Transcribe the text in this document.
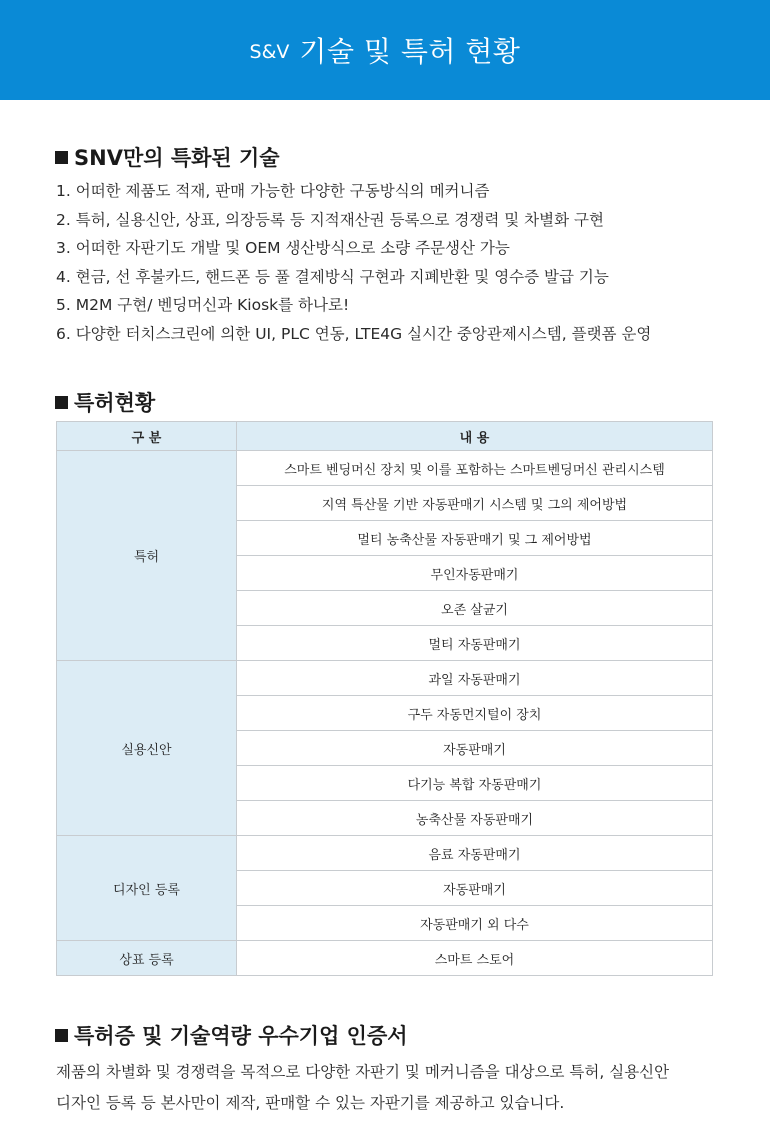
S&V 기술 및 특허 현황
SNV만의 특화된 기술
1. 어떠한 제품도 적재, 판매 가능한 다양한 구동방식의 메커니즘
2. 특허, 실용신안, 상표, 의장등록 등 지적재산권 등록으로 경쟁력 및 차별화 구현
3. 어떠한 자판기도 개발 및 OEM 생산방식으로 소량 주문생산 가능
4. 현금, 선 후불카드, 핸드폰 등 풀 결제방식 구현과 지폐반환 및 영수증 발급 기능
5. M2M 구현/ 벤딩머신과 Kiosk를 하나로!
6. 다양한 터치스크린에 의한 UI, PLC 연동, LTE4G 실시간 중앙관제시스템, 플랫폼 운영
특허현황
구 분	내 용
특허	스마트 벤딩머신 장치 및 이를 포함하는 스마트벤딩머신 관리시스템
	지역 특산물 기반 자동판매기 시스템 및 그의 제어방법
	멀티 농축산물 자동판매기 및 그 제어방법
	무인자동판매기
	오존 살균기
	멀티 자동판매기
실용신안	과일 자동판매기
	구두 자동먼지털이 장치
	자동판매기
	다기능 복합 자동판매기
	농축산물 자동판매기
디자인 등록	음료 자동판매기
	자동판매기
	자동판매기 외 다수
상표 등록	스마트 스토어
특허증 및 기술역량 우수기업 인증서

제품의 차별화 및 경쟁력을 목적으로 다양한 자판기 및 메커니즘을 대상으로 특허, 실용신안

디자인 등록 등 본사만이 제작, 판매할 수 있는 자판기를 제공하고 있습니다.
